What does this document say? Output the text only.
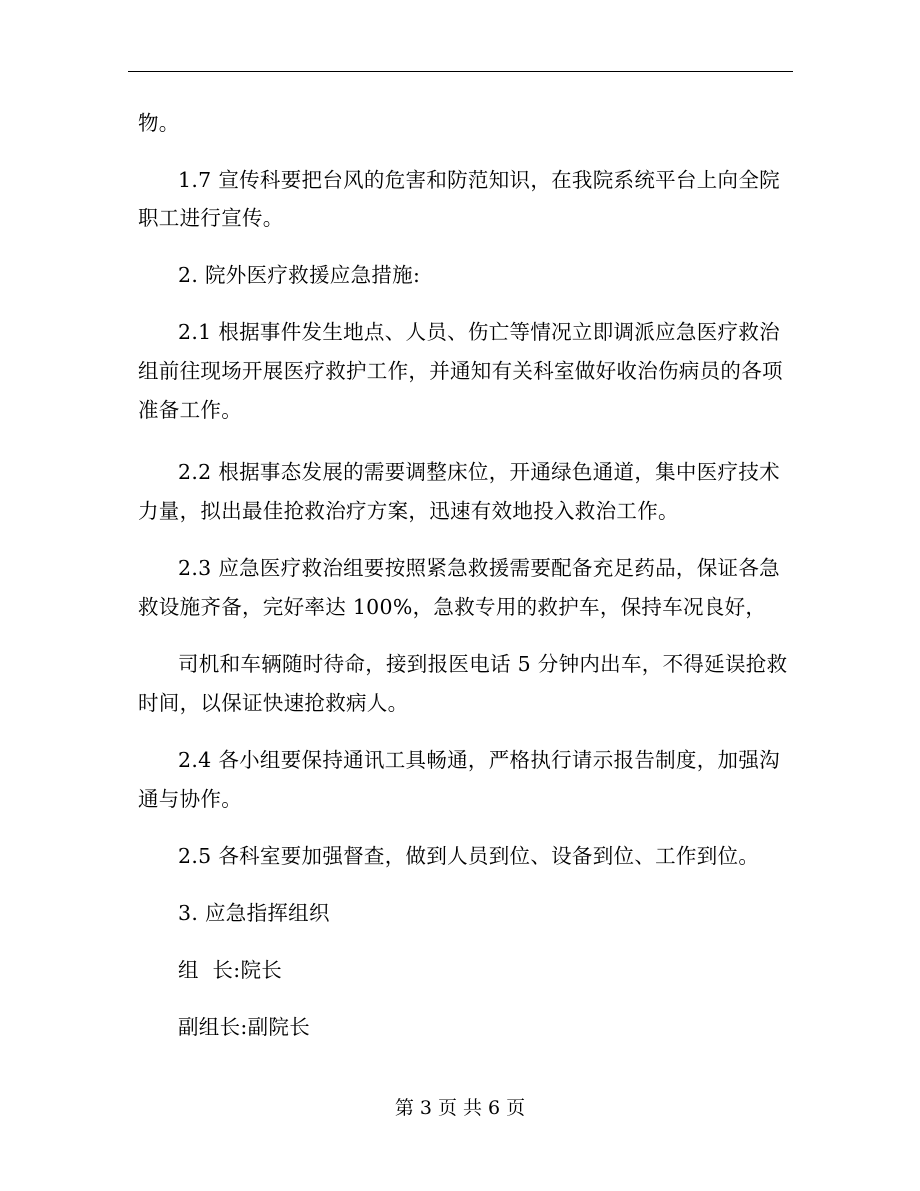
物。
1.7 宣传科要把台风的危害和防范知识，在我院系统平台上向全院
职工进行宣传。
2. 院外医疗救援应急措施:
2.1 根据事件发生地点、人员、伤亡等情况立即调派应急医疗救治
组前往现场开展医疗救护工作，并通知有关科室做好收治伤病员的各项
准备工作。
2.2 根据事态发展的需要调整床位，开通绿色通道，集中医疗技术
力量，拟出最佳抢救治疗方案，迅速有效地投入救治工作。
2.3 应急医疗救治组要按照紧急救援需要配备充足药品，保证各急
救设施齐备，完好率达 100%，急救专用的救护车，保持车况良好，
司机和车辆随时待命，接到报医电话 5 分钟内出车，不得延误抢救
时间，以保证快速抢救病人。
2.4 各小组要保持通讯工具畅通，严格执行请示报告制度，加强沟
通与协作。
2.5 各科室要加强督查，做到人员到位、设备到位、工作到位。
3. 应急指挥组织
组  长:院长
副组长:副院长
第 3 页 共 6 页
